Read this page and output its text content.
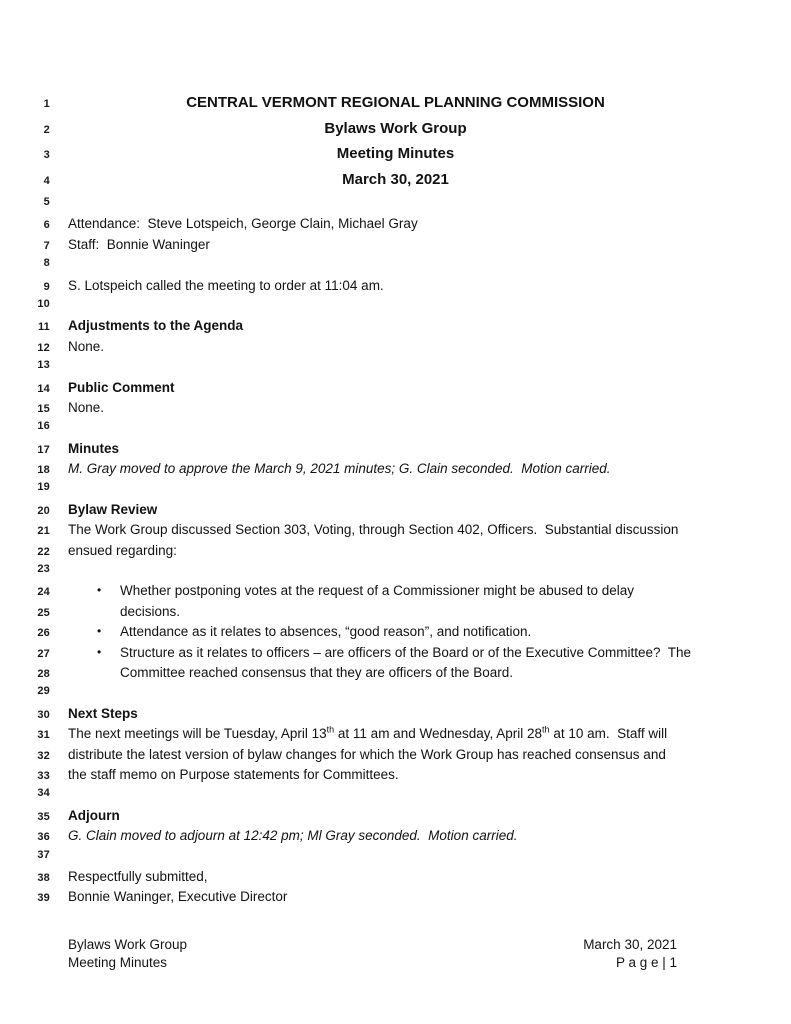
1	CENTRAL VERMONT REGIONAL PLANNING COMMISSION
2	Bylaws Work Group
3	Meeting Minutes
4	March 30, 2021
5
6 Attendance:  Steve Lotspeich, George Clain, Michael Gray
7 Staff:  Bonnie Waninger
8
9 S. Lotspeich called the meeting to order at 11:04 am.
10
11 Adjustments to the Agenda
12 None.
13
14 Public Comment
15 None.
16
17 Minutes
18 M. Gray moved to approve the March 9, 2021 minutes; G. Clain seconded.  Motion carried.
19
20 Bylaw Review
21 The Work Group discussed Section 303, Voting, through Section 402, Officers.  Substantial discussion
22 ensued regarding:
23
24	• Whether postponing votes at the request of a Commissioner might be abused to delay
25	decisions.
26	• Attendance as it relates to absences, “good reason”, and notification.
27	• Structure as it relates to officers – are officers of the Board or of the Executive Committee?  The
28	Committee reached consensus that they are officers of the Board.
29
30 Next Steps
31 The next meetings will be Tuesday, April 13th at 11 am and Wednesday, April 28th at 10 am.  Staff will
32 distribute the latest version of bylaw changes for which the Work Group has reached consensus and
33 the staff memo on Purpose statements for Committees.
34
35 Adjourn
36 G. Clain moved to adjourn at 12:42 pm; Ml Gray seconded.  Motion carried.
37
38 Respectfully submitted,
39 Bonnie Waninger, Executive Director
Bylaws Work Group
Meeting Minutes
March 30, 2021
P a g e | 1
